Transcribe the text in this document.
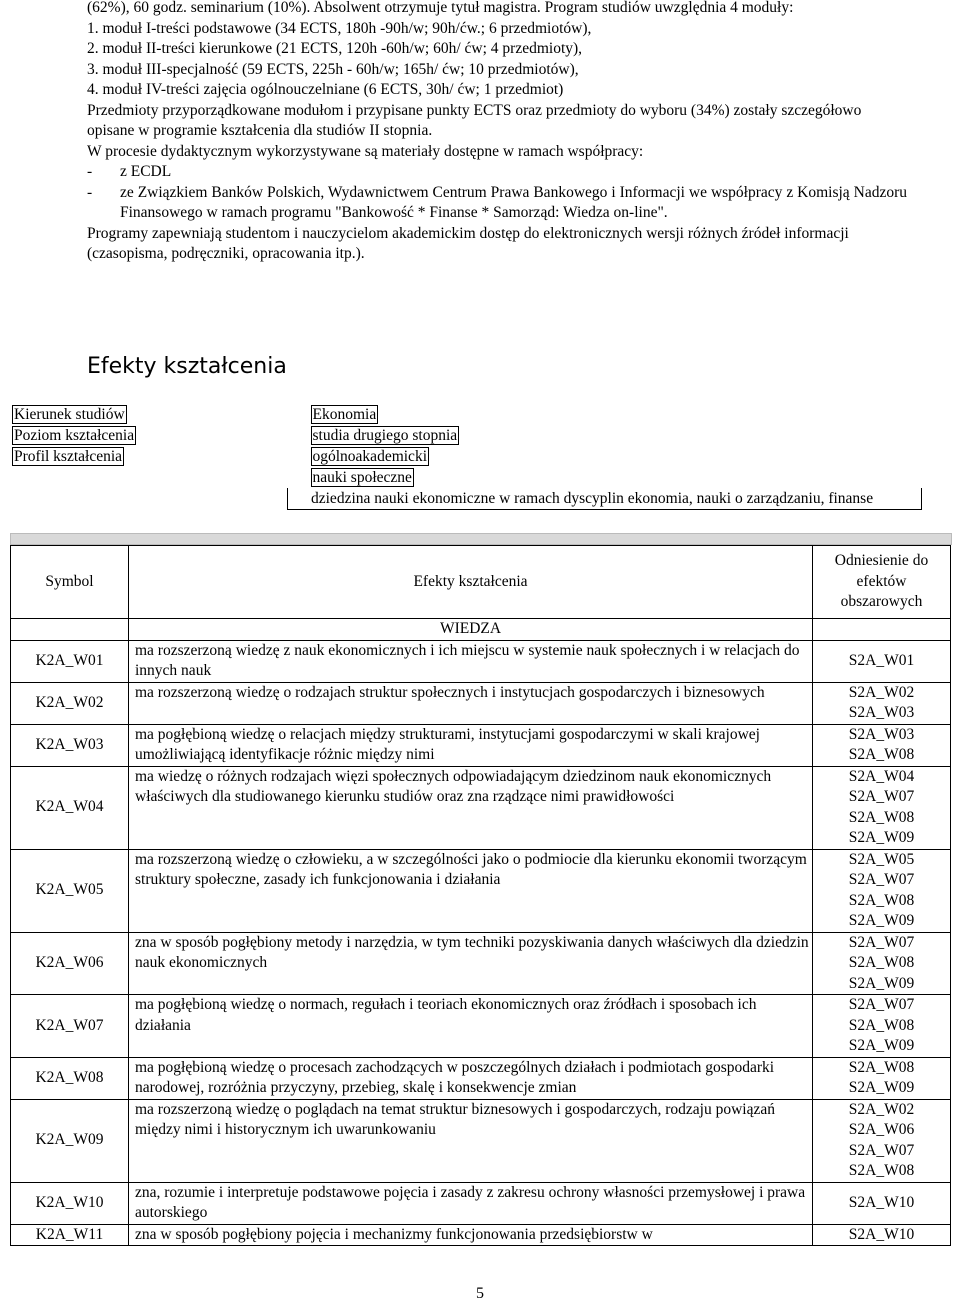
(62%), 60 godz. seminarium (10%). Absolwent otrzymuje tytuł magistra. Program studiów uwzględnia 4 moduły:

1. moduł I-treści podstawowe (34 ECTS, 180h -90h/w; 90h/ćw.; 6 przedmiotów),

2. moduł II-treści kierunkowe (21 ECTS, 120h -60h/w; 60h/ ćw; 4 przedmioty),

3. moduł III-specjalność (59 ECTS, 225h - 60h/w; 165h/ ćw; 10 przedmiotów),

4. moduł IV-treści zajęcia ogólnouczelniane (6 ECTS, 30h/ ćw; 1 przedmiot)

Przedmioty przyporządkowane modułom i przypisane punkty ECTS oraz przedmioty do wyboru (34%) zostały szczegółowo opisane w programie kształcenia dla studiów II stopnia.

W procesie dydaktycznym wykorzystywane są materiały dostępne w ramach współpracy:

-	z ECDL
-	ze Związkiem Banków Polskich, Wydawnictwem Centrum Prawa Bankowego i Informacji we współpracy z Komisją Nadzoru Finansowego w ramach programu "Bankowość * Finanse * Samorząd: Wiedza on-line".

Programy zapewniają studentom i nauczycielom akademickim dostęp do elektronicznych wersji różnych źródeł informacji (czasopisma, podręczniki, opracowania itp.).

Efekty kształcenia
Kierunek studiów	Ekonomia
Poziom kształcenia	studia drugiego stopnia
Profil kształcenia	ogólnoakademicki
	nauki społeczne
	dziedzina nauki ekonomiczne w ramach dyscyplin ekonomia, nauki o zarządzaniu, finanse
Symbol	Efekty kształcenia	Odniesienie do efektów obszarowych
	WIEDZA	
K2A_W01	ma rozszerzoną wiedzę z nauk ekonomicznych i ich miejscu w systemie nauk społecznych i w relacjach do innych nauk	S2A_W01

K2A_W02	ma rozszerzoną wiedzę o rodzajach struktur społecznych i instytucjach gospodarczych i biznesowych	S2A_W02
S2A_W03

K2A_W03	ma pogłębioną wiedzę o relacjach między strukturami, instytucjami gospodarczymi w skali krajowej umożliwiającą identyfikacje różnic między nimi	S2A_W03
S2A_W08

K2A_W04	ma wiedzę o różnych rodzajach więzi społecznych odpowiadającym dziedzinom nauk ekonomicznych właściwych dla studiowanego kierunku studiów oraz zna rządzące nimi prawidłowości	S2A_W04
S2A_W07
S2A_W08
S2A_W09

K2A_W05	ma rozszerzoną wiedzę o człowieku, a w szczególności jako o podmiocie dla kierunku ekonomii tworzącym struktury społeczne, zasady ich funkcjonowania i działania	S2A_W05
S2A_W07
S2A_W08
S2A_W09

K2A_W06	zna w sposób pogłębiony metody i narzędzia, w tym techniki pozyskiwania danych właściwych dla dziedzin nauk ekonomicznych	S2A_W07
S2A_W08
S2A_W09

K2A_W07	ma pogłębioną wiedzę o normach, regułach i teoriach ekonomicznych oraz źródłach i sposobach ich działania	S2A_W07
S2A_W08
S2A_W09

K2A_W08	ma pogłębioną wiedzę o procesach zachodzących w poszczególnych działach i podmiotach gospodarki narodowej, rozróżnia przyczyny, przebieg, skalę i konsekwencje zmian	S2A_W08
S2A_W09

K2A_W09	ma rozszerzoną wiedzę o poglądach na temat struktur biznesowych i gospodarczych, rodzaju powiązań między nimi i historycznym ich uwarunkowaniu	S2A_W02
S2A_W06
S2A_W07
S2A_W08

K2A_W10	zna, rozumie i interpretuje podstawowe pojęcia i zasady z zakresu ochrony własności przemysłowej i prawa autorskiego	S2A_W10

K2A_W11	zna w sposób pogłębiony pojęcia i mechanizmy funkcjonowania przedsiębiorstw w	S2A_W10
5
